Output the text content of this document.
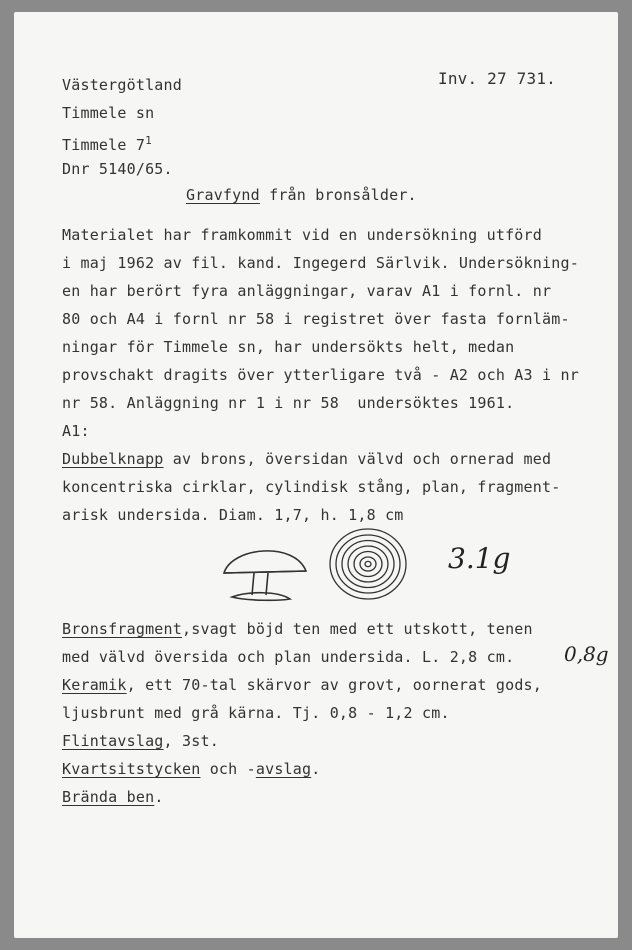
Västergötland	Inv. 27 731.
Timmele sn
Timmele $7^1$
Dnr 5140/65.
Gravfynd från bronsålder.
Materialet har framkommit vid en undersökning utförd
i maj 1962 av fil. kand. Ingegerd Särlvik. Undersökning-
en har berört fyra anläggningar, varav A1 i fornl. nr
80 och A4 i fornl nr 58 i registret över fasta fornläm-
ningar för Timmele sn, har undersökts helt, medan
provschakt dragits över ytterligare två - A2 och A3 i nr
nr 58. Anläggning nr 1 i nr 58  undersöktes 1961.
A1:
Dubbelknapp av brons, översidan välvd och ornerad med
koncentriska cirklar, cylindisk stång, plan, fragment-
arisk undersida. Diam. 1,7, h. 1,8 cm
3.1g
Bronsfragment,svagt böjd ten med ett utskott, tenen
med välvd översida och plan undersida. L. 2,8 cm. 0,8g
Keramik, ett 70-tal skärvor av grovt, oornerat gods,
ljusbrunt med grå kärna. Tj. 0,8 - 1,2 cm.
Flintavslag, 3st.
Kvartsitstycken och -avslag.
Brända ben.
